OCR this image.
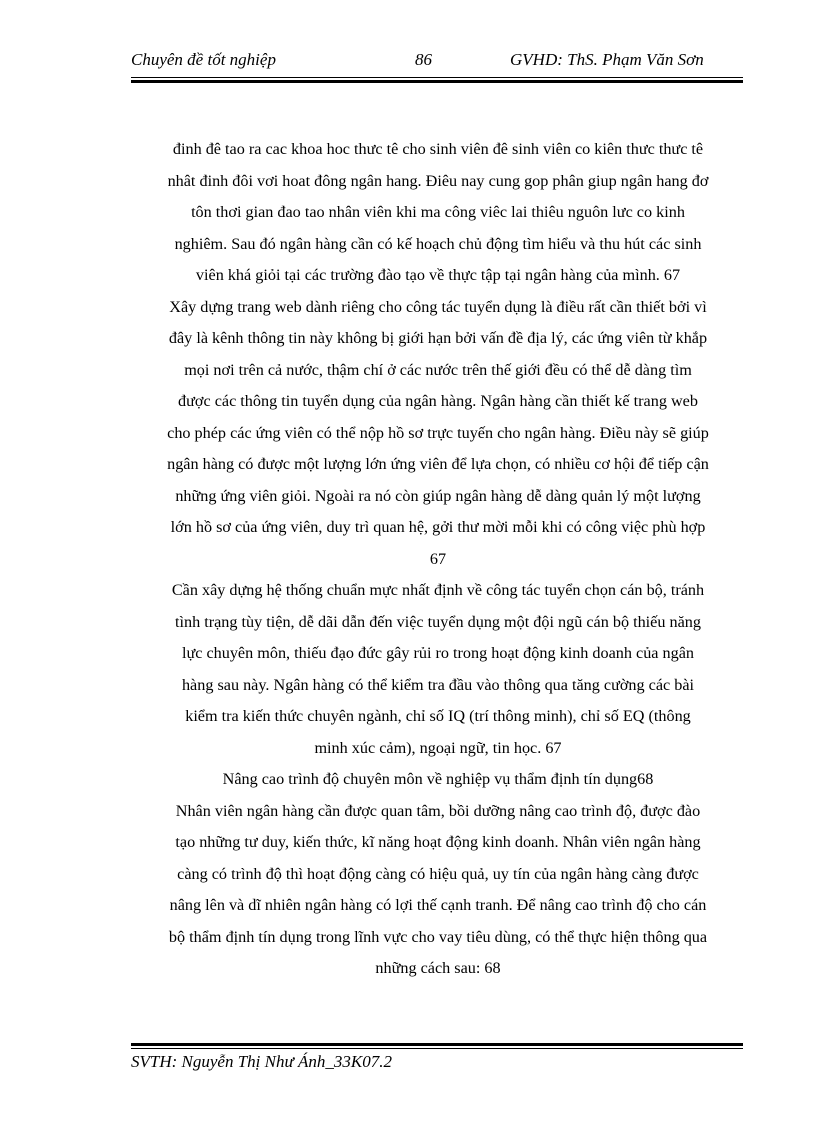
Chuyên đề tốt nghiệp	86	GVHD: ThS. Phạm Văn Sơn
đinh đê tao ra cac khoa hoc thưc tê cho sinh viên đê sinh viên co kiên thưc thưc tê
nhât đinh đôi vơi hoat đông ngân hang. Điêu nay cung gop phân giup ngân hang đơ
tôn thơi gian đao tao nhân viên khi ma công viêc lai thiêu nguôn lưc co kinh
nghiêm. Sau đó ngân hàng cần có kế hoạch chủ động tìm hiểu và thu hút các sinh
viên khá giỏi tại các trường đào tạo về thực tập tại ngân hàng của mình. 67
Xây dựng trang web dành riêng cho công tác tuyển dụng là điều rất cần thiết bởi vì
đây là kênh thông tin này không bị giới hạn bởi vấn đề địa lý, các ứng viên từ khắp
mọi nơi trên cả nước, thậm chí ở các nước trên thế giới đều có thể dễ dàng tìm
được các thông tin tuyển dụng của ngân hàng. Ngân hàng cần thiết kế trang web
cho phép các ứng viên có thể nộp hồ sơ trực tuyến cho ngân hàng. Điều này sẽ giúp
ngân hàng có được một lượng lớn ứng viên để lựa chọn, có nhiều cơ hội để tiếp cận
những ứng viên giỏi. Ngoài ra nó còn giúp ngân hàng dễ dàng quản lý một lượng
lớn hồ sơ của ứng viên, duy trì quan hệ, gởi thư mời mỗi khi có công việc phù hợp
67
Cần xây dựng hệ thống chuẩn mực nhất định về công tác tuyển chọn cán bộ, tránh
tình trạng tùy tiện, dễ dãi dẫn đến việc tuyển dụng một đội ngũ cán bộ thiếu năng
lực chuyên môn, thiếu đạo đức gây rủi ro trong hoạt động kinh doanh của ngân
hàng sau này. Ngân hàng có thể kiểm tra đầu vào thông qua tăng cường các bài
kiểm tra kiến thức chuyên ngành, chỉ số IQ (trí thông minh), chỉ số EQ (thông
minh xúc cảm), ngoại ngữ, tin học. 67
Nâng cao trình độ chuyên môn về nghiệp vụ thẩm định tín dụng68
Nhân viên ngân hàng cần được quan tâm, bồi dưỡng nâng cao trình độ, được đào
tạo những tư duy, kiến thức, kĩ năng hoạt động kinh doanh. Nhân viên ngân hàng
càng có trình độ thì hoạt động càng có hiệu quả, uy tín của ngân hàng càng được
nâng lên và dĩ nhiên ngân hàng có lợi thế cạnh tranh. Để nâng cao trình độ cho cán
bộ thẩm định tín dụng trong lĩnh vực cho vay tiêu dùng, có thể thực hiện thông qua
những cách sau: 68
SVTH: Nguyễn Thị Như Ánh_33K07.2
